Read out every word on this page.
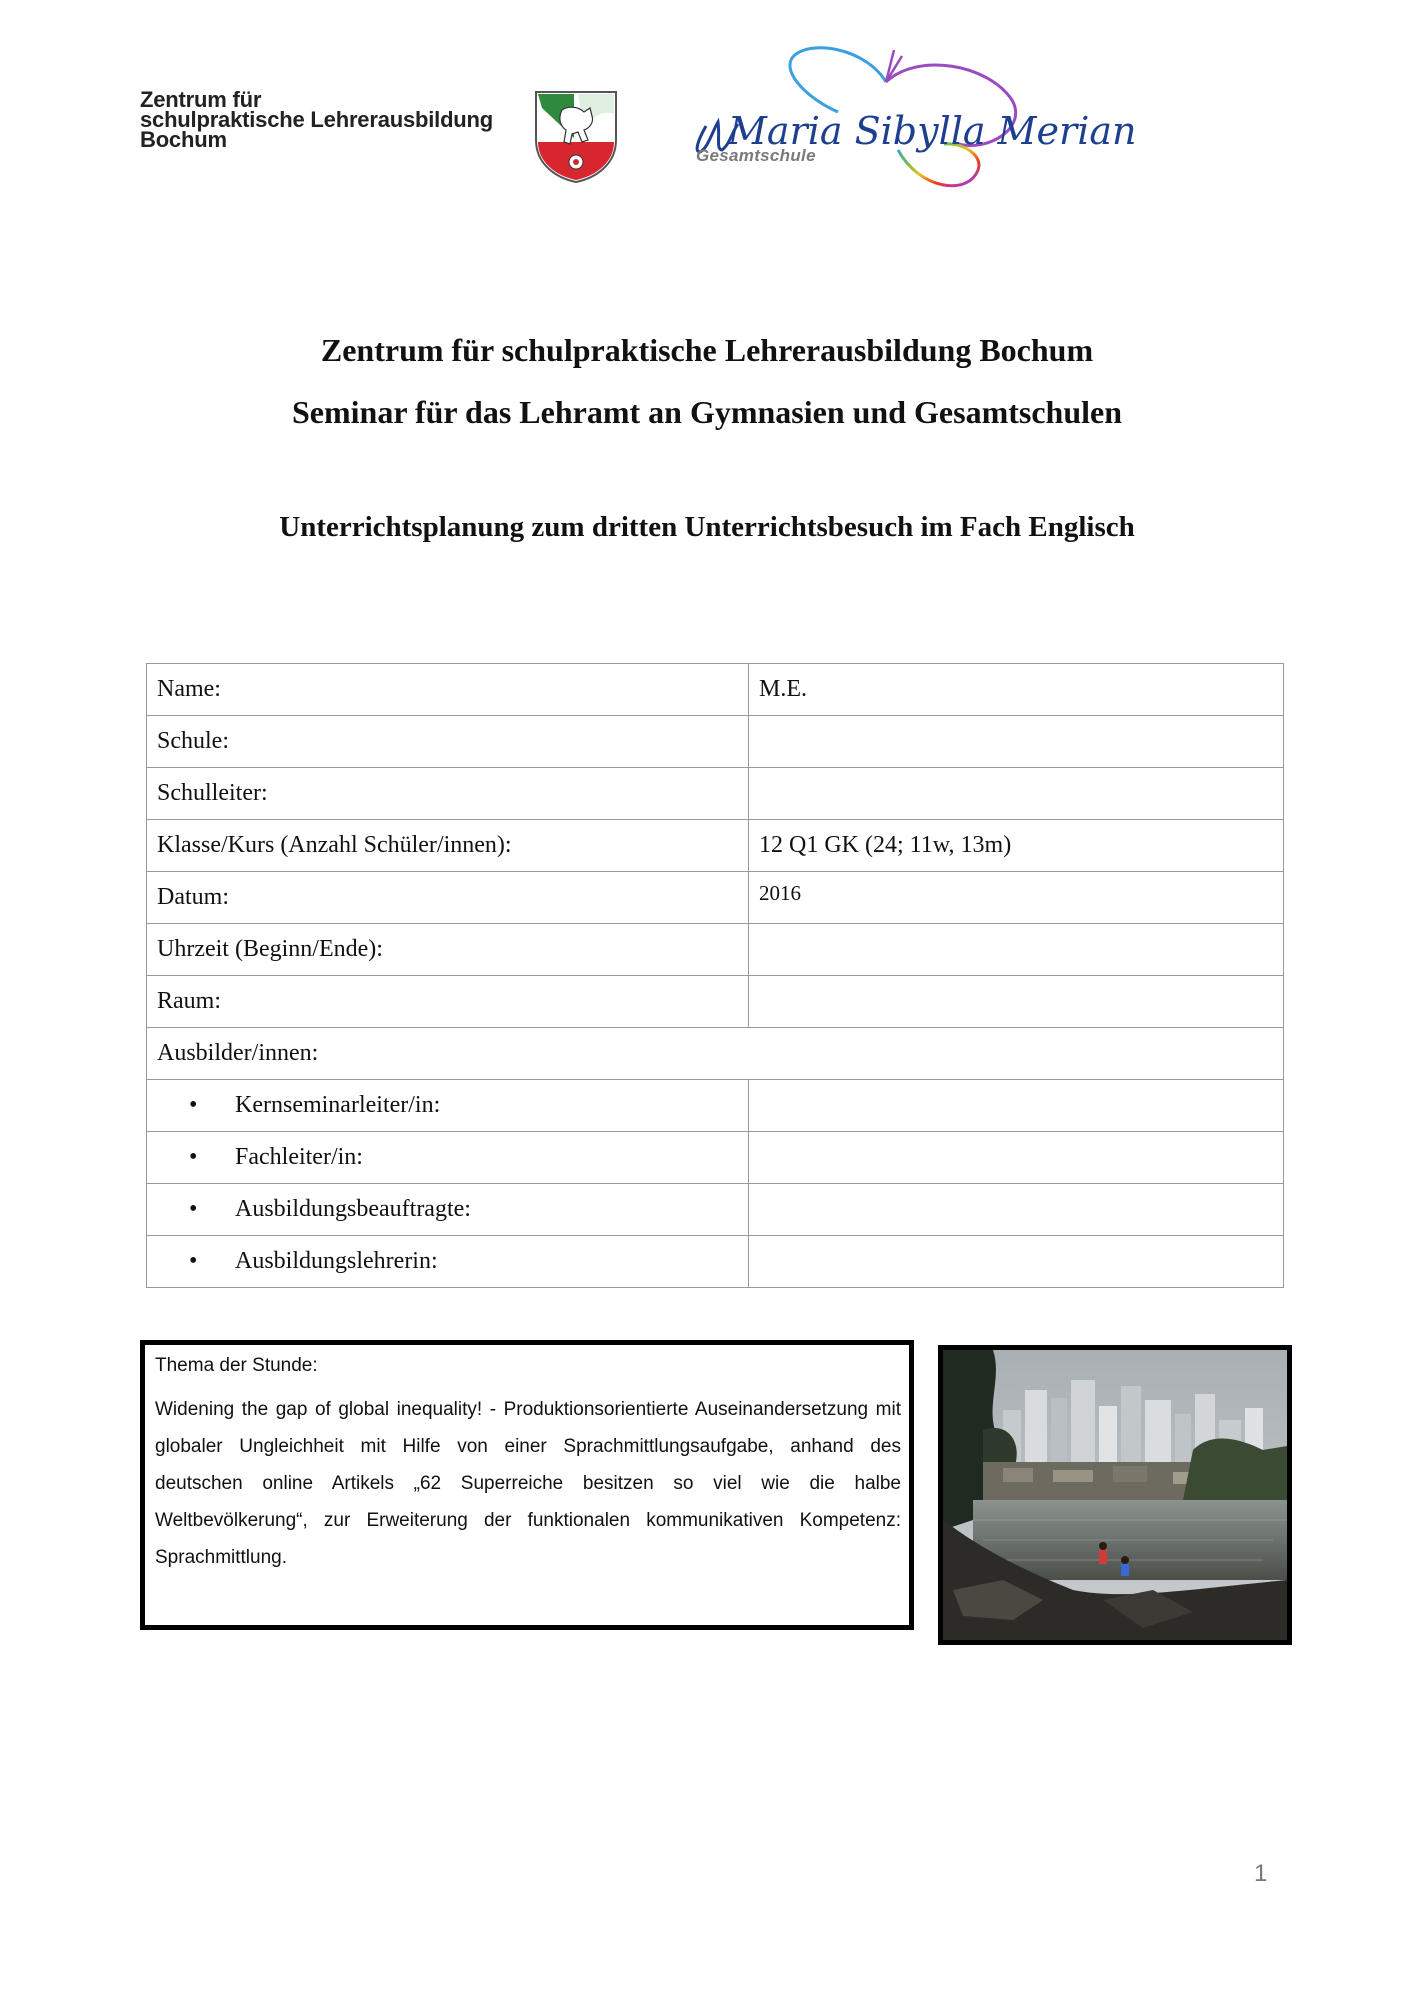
Zentrum für
schulpraktische Lehrerausbildung
Bochum	Maria Sibylla Merian
Gesamtschule
Zentrum für schulpraktische Lehrerausbildung Bochum
Seminar für das Lehramt an Gymnasien und Gesamtschulen
Unterrichtsplanung zum dritten Unterrichtsbesuch im Fach Englisch
Name:	M.E.
Schule:	
Schulleiter:	
Klasse/Kurs (Anzahl Schüler/innen):	12 Q1 GK (24; 11w, 13m)
Datum:	2016
Uhrzeit (Beginn/Ende):	
Raum:	
Ausbilder/innen:	
• Kernseminarleiter/in:	
• Fachleiter/in:	
• Ausbildungsbeauftragte:	
• Ausbildungslehrerin:	

Thema der Stunde:

Widening the gap of global inequality! - Produktionsorientierte Auseinandersetzung mit globaler Ungleichheit mit Hilfe von einer Sprachmittlungsaufgabe, anhand des deutschen online Artikels „62 Superreiche besitzen so viel wie die halbe Weltbevölkerung“, zur Erweiterung der funktionalen kommunikativen Kompetenz: Sprachmittlung.

1
